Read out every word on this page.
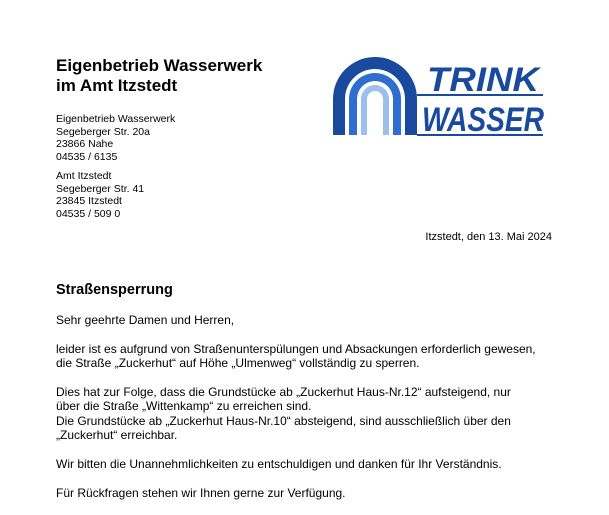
Eigenbetrieb Wasserwerk
im Amt Itzstedt
Eigenbetrieb Wasserwerk
Segeberger Str. 20a
23866 Nahe
04535 / 6135
Amt Itzstedt
Segeberger Str. 41
23845 Itzstedt
04535 / 509 0
TRINK
WASSER
Itzstedt, den 13. Mai 2024
Straßensperrung

Sehr geehrte Damen und Herren,

leider ist es aufgrund von Straßenunterspülungen und Absackungen erforderlich gewesen,
die Straße „Zuckerhut“ auf Höhe „Ulmenweg“ vollständig zu sperren.

Dies hat zur Folge, dass die Grundstücke ab „Zuckerhut Haus-Nr.12“ aufsteigend, nur
über die Straße „Wittenkamp“ zu erreichen sind.
Die Grundstücke ab „Zuckerhut Haus-Nr.10“ absteigend, sind ausschließlich über den
„Zuckerhut“ erreichbar.

Wir bitten die Unannehmlichkeiten zu entschuldigen und danken für Ihr Verständnis.

Für Rückfragen stehen wir Ihnen gerne zur Verfügung.
